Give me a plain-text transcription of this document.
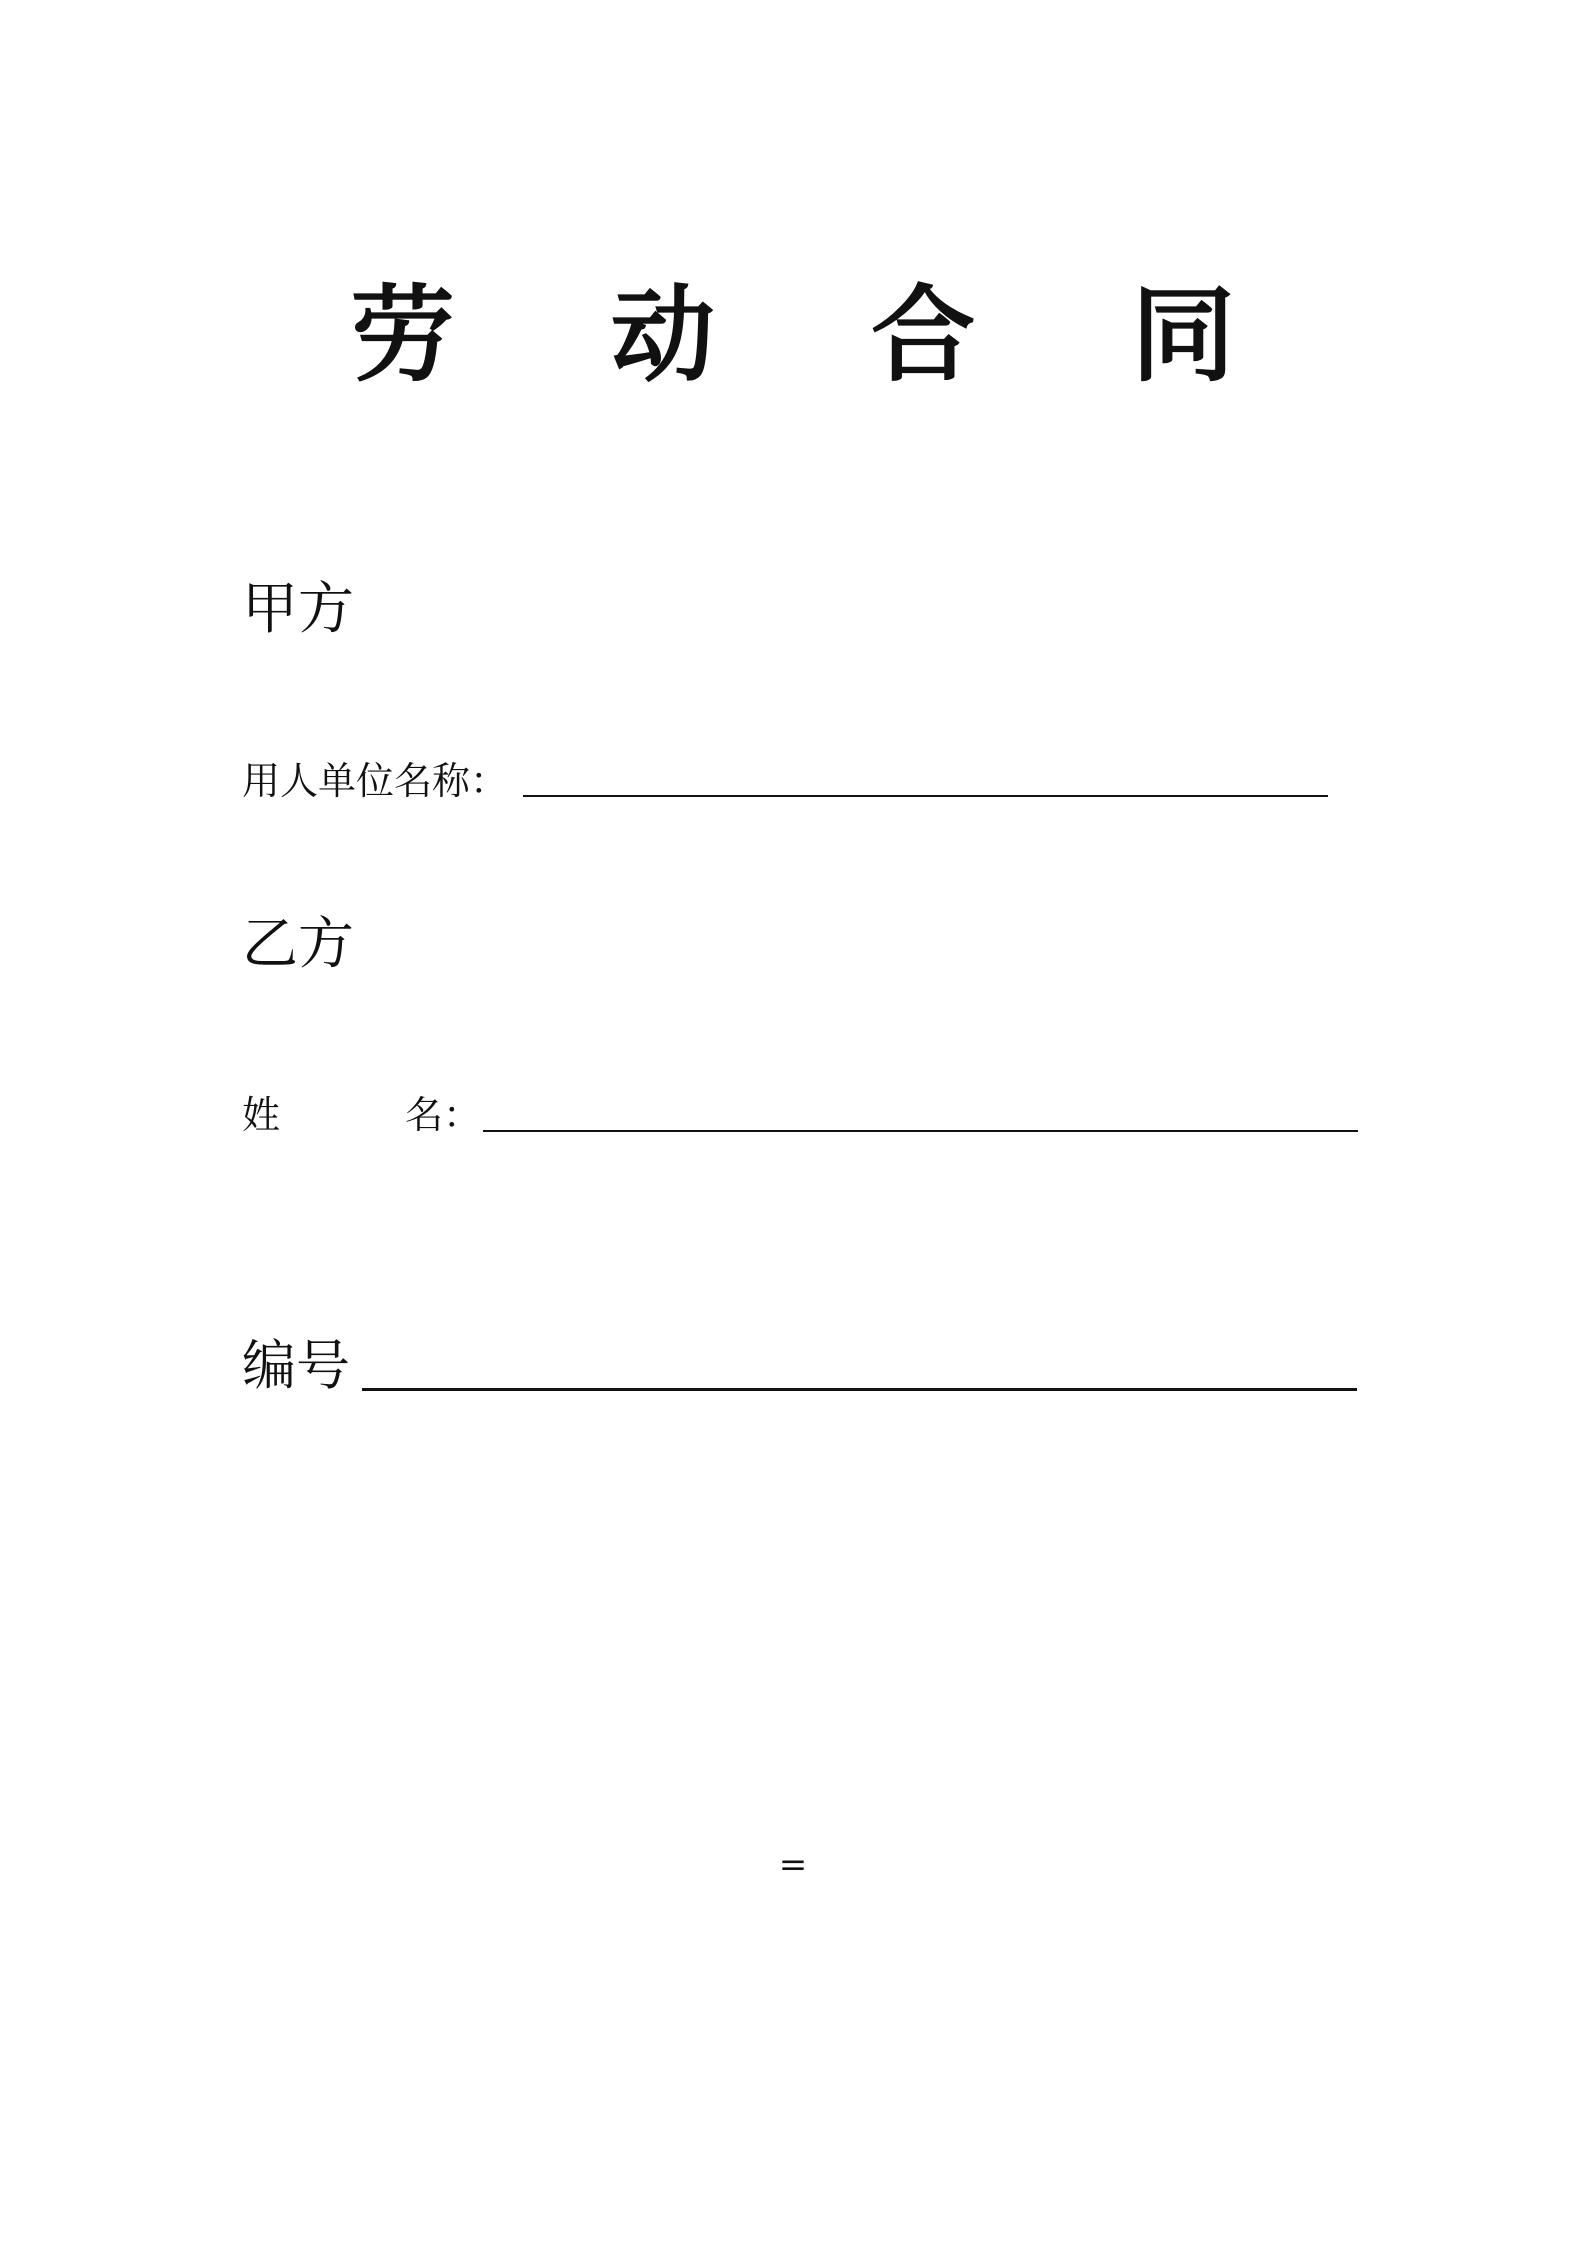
劳 动 合 同
甲方
用人单位名称：
乙方
姓	名：
编号
=
